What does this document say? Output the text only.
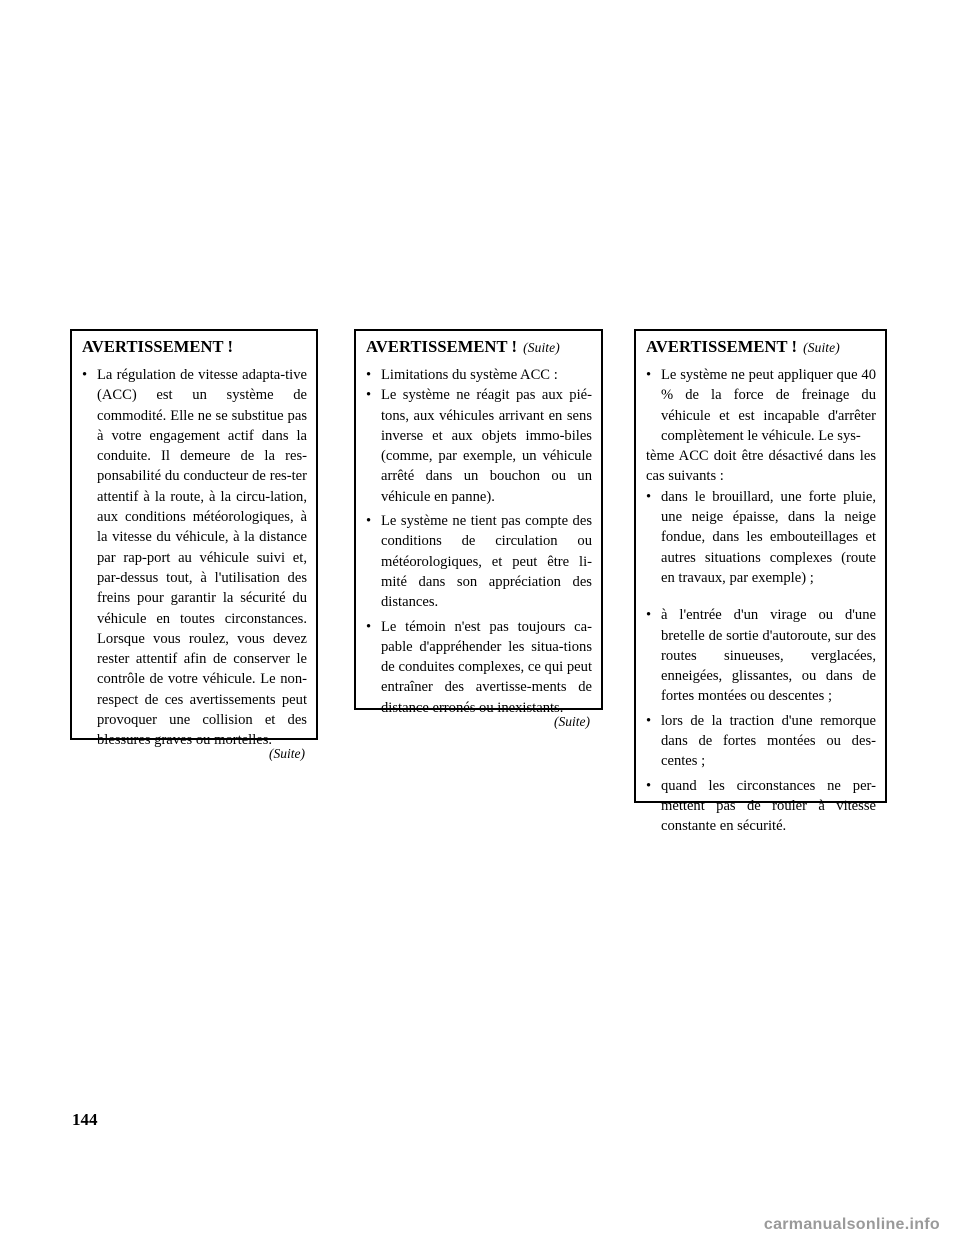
AVERTISSEMENT !

• La régulation de vitesse adapta-tive (ACC) est un système de commodité. Elle ne se substitue pas à votre engagement actif dans la conduite. Il demeure de la res-ponsabilité du conducteur de res-ter attentif à la route, à la circu-lation, aux conditions météorologiques, à la vitesse du véhicule, à la distance par rap-port au véhicule suivi et, par-dessus tout, à l'utilisation des freins pour garantir la sécurité du véhicule en toutes circonstances. Lorsque vous roulez, vous devez rester attentif afin de conserver le contrôle de votre véhicule. Le non-respect de ces avertissements peut provoquer une collision et des blessures graves ou mortelles.

(Suite)
AVERTISSEMENT ! (Suite)

• Limitations du système ACC :

• Le système ne réagit pas aux pié-tons, aux véhicules arrivant en sens inverse et aux objets immo-biles (comme, par exemple, un véhicule arrêté dans un bouchon ou un véhicule en panne).

• Le système ne tient pas compte des conditions de circulation ou météorologiques, et peut être li-mité dans son appréciation des distances.

• Le témoin n'est pas toujours ca-pable d'appréhender les situa-tions de conduites complexes, ce qui peut entraîner des avertisse-ments de distance erronés ou inexistants.

(Suite)
AVERTISSEMENT ! (Suite)

• Le système ne peut appliquer que 40 % de la force de freinage du véhicule et est incapable d'arrêter complètement le véhicule. Le sys-

tème ACC doit être désactivé dans les cas suivants :

• dans le brouillard, une forte pluie, une neige épaisse, dans la neige fondue, dans les embouteillages et autres situations complexes (route en travaux, par exemple) ;

• à l'entrée d'un virage ou d'une bretelle de sortie d'autoroute, sur des routes sinueuses, verglacées, enneigées, glissantes, ou dans de fortes montées ou descentes ;

• lors de la traction d'une remorque dans de fortes montées ou des-centes ;

• quand les circonstances ne per-mettent pas de rouler à vitesse constante en sécurité.

144
carmanualsonline.info
